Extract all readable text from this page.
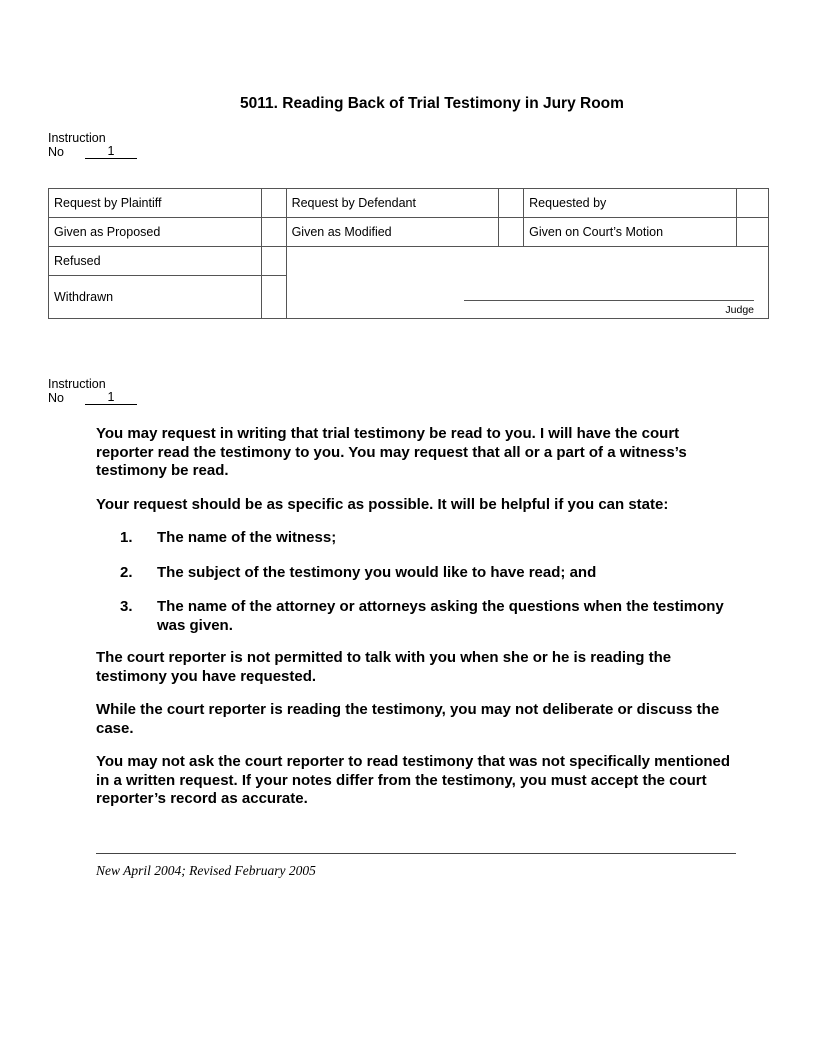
5011. Reading Back of Trial Testimony in Jury Room
Instruction
No	1
Request by Plaintiff		Request by Defendant		Requested by	
Given as Proposed		Given as Modified		Given on Court’s Motion	
Refused		Judge			

Withdrawn					
Instruction
No	1

You may request in writing that trial testimony be read to you. I will have the court reporter read the testimony to you. You may request that all or a part of a witness’s testimony be read.

Your request should be as specific as possible. It will be helpful if you can state:

1.	The name of the witness;
2.	The subject of the testimony you would like to have read; and
3.	The name of the attorney or attorneys asking the questions when the testimony was given.

The court reporter is not permitted to talk with you when she or he is reading the testimony you have requested.

While the court reporter is reading the testimony, you may not deliberate or discuss the case.

You may not ask the court reporter to read testimony that was not specifically mentioned in a written request. If your notes differ from the testimony, you must accept the court reporter’s record as accurate.

New April 2004; Revised February 2005
